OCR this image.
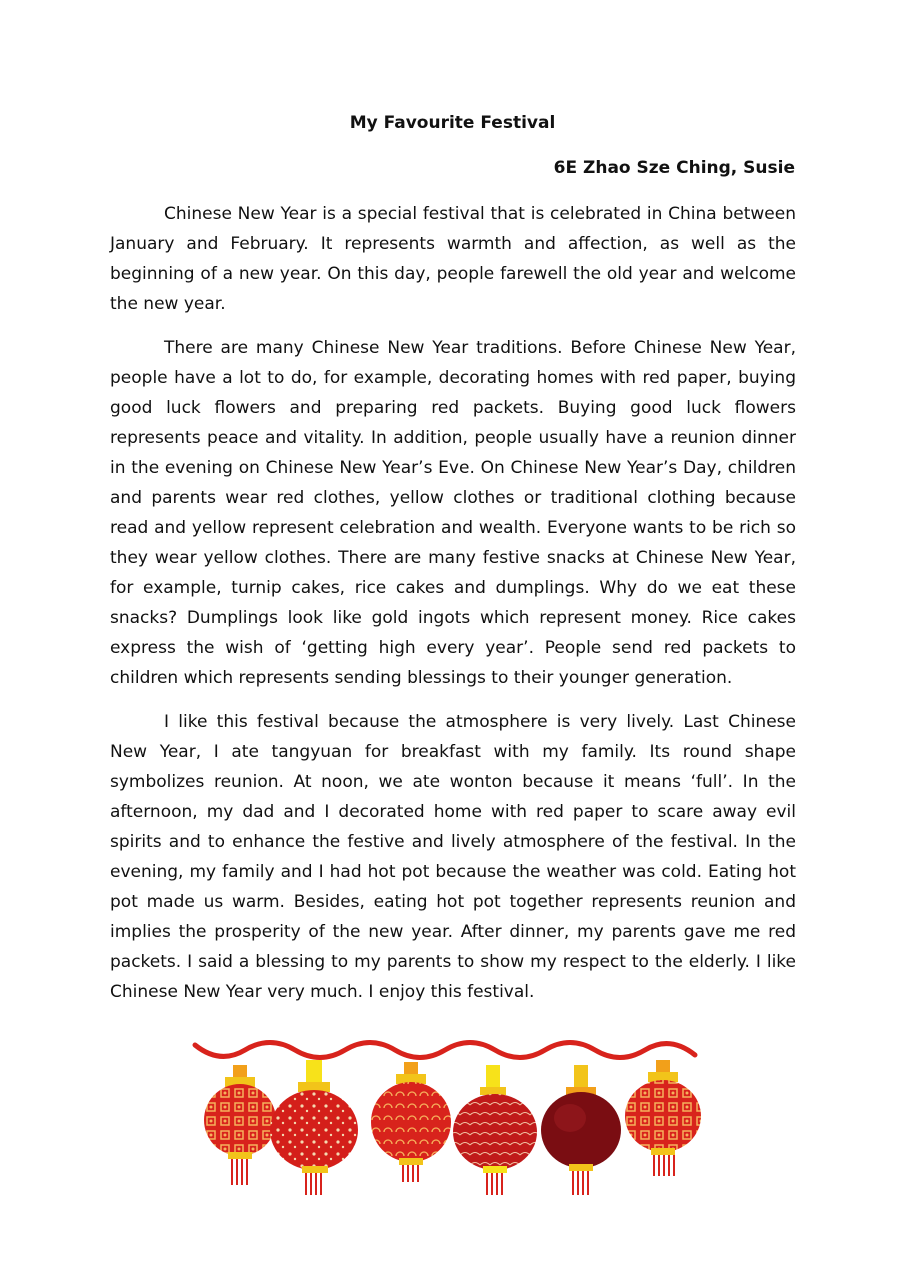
My Favourite Festival
6E Zhao Sze Ching, Susie

Chinese New Year is a special festival that is celebrated in China between January and February. It represents warmth and affection, as well as the beginning of a new year. On this day, people farewell the old year and welcome the new year.

There are many Chinese New Year traditions. Before Chinese New Year, people have a lot to do, for example, decorating homes with red paper, buying good luck flowers and preparing red packets. Buying good luck flowers represents peace and vitality. In addition, people usually have a reunion dinner in the evening on Chinese New Year’s Eve. On Chinese New Year’s Day, children and parents wear red clothes, yellow clothes or traditional clothing because read and yellow represent celebration and wealth. Everyone wants to be rich so they wear yellow clothes. There are many festive snacks at Chinese New Year, for example, turnip cakes, rice cakes and dumplings. Why do we eat these snacks? Dumplings look like gold ingots which represent money. Rice cakes express the wish of ‘getting high every year’. People send red packets to children which represents sending blessings to their younger generation.

I like this festival because the atmosphere is very lively. Last Chinese New Year, I ate tangyuan for breakfast with my family. Its round shape symbolizes reunion. At noon, we ate wonton because it means ‘full’. In the afternoon, my dad and I decorated home with red paper to scare away evil spirits and to enhance the festive and lively atmosphere of the festival. In the evening, my family and I had hot pot because the weather was cold. Eating hot pot made us warm. Besides, eating hot pot together represents reunion and implies the prosperity of the new year. After dinner, my parents gave me red packets. I said a blessing to my parents to show my respect to the elderly. I like Chinese New Year very much. I enjoy this festival.
